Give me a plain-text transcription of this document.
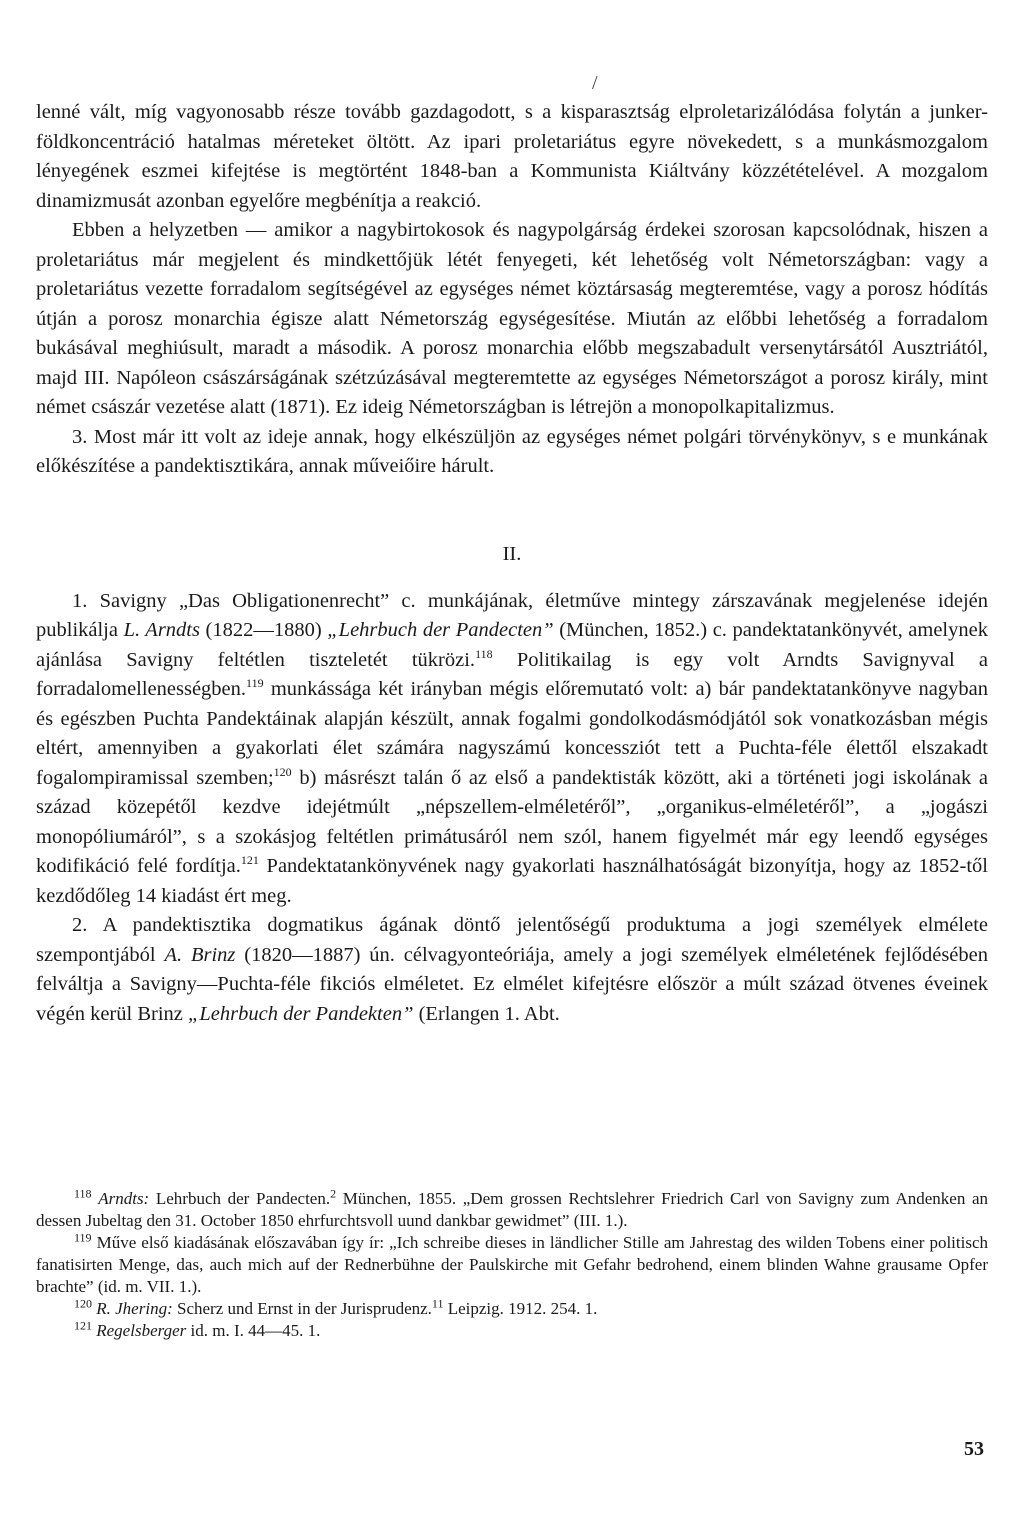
/

lenné vált, míg vagyonosabb része tovább gazdagodott, s a kisparasztság elproletarizálódása folytán a junker-földkoncentráció hatalmas méreteket öltött. Az ipari proletariátus egyre növekedett, s a munkásmozgalom lényegének eszmei kifejtése is megtörtént 1848-ban a Kommunista Kiáltvány közzétételével. A mozgalom dinamizmusát azonban egyelőre megbénítja a reakció.

Ebben a helyzetben — amikor a nagybirtokosok és nagypolgárság érdekei szorosan kapcsolódnak, hiszen a proletariátus már megjelent és mindkettőjük létét fenyegeti, két lehetőség volt Németországban: vagy a proletariátus vezette forradalom segítségével az egységes német köztársaság megteremtése, vagy a porosz hódítás útján a porosz monarchia égisze alatt Németország egységesítése. Miután az előbbi lehetőség a forradalom bukásával meghiúsult, maradt a második. A porosz monarchia előbb megszabadult versenytársától Ausztriától, majd III. Napóleon császárságának szétzúzásával megteremtette az egységes Németországot a porosz király, mint német császár vezetése alatt (1871). Ez ideig Németországban is létrejön a monopolkapitalizmus.

3. Most már itt volt az ideje annak, hogy elkészüljön az egységes német polgári törvénykönyv, s e munkának előkészítése a pandektisztikára, annak műveiőire hárult.

II.

1. Savigny „Das Obligationenrecht” c. munkájának, életműve mintegy zárszavának megjelenése idején publikálja L. Arndts (1822—1880) „Lehrbuch der Pandecten” (München, 1852.) c. pandektatankönyvét, amelynek ajánlása Savigny feltétlen tiszteletét tükrözi.$^{118}$ Politikailag is egy volt Arndts Savignyval a forradalomellenességben.$^{119}$ munkássága két irányban mégis előremutató volt: a) bár pandektatankönyve nagyban és egészben Puchta Pandektáinak alapján készült, annak fogalmi gondolkodásmódjától sok vonatkozásban mégis eltért, amennyiben a gyakorlati élet számára nagyszámú koncessziót tett a Puchta-féle élettől elszakadt fogalompiramissal szemben;$^{120}$ b) másrészt talán ő az első a pandektisták között, aki a történeti jogi iskolának a század közepétől kezdve idejétmúlt „népszellem-elméletéről”, „organikus-elméletéről”, a „jogászi monopóliumáról”, s a szokásjog feltétlen primátusáról nem szól, hanem figyelmét már egy leendő egységes kodifikáció felé fordítja.$^{121}$ Pandektatankönyvének nagy gyakorlati használhatóságát bizonyítja, hogy az 1852-től kezdődőleg 14 kiadást ért meg.

2. A pandektisztika dogmatikus ágának döntő jelentőségű produktuma a jogi személyek elmélete szempontjából A. Brinz (1820—1887) ún. célvagyonteóriája, amely a jogi személyek elméletének fejlődésében felváltja a Savigny—Puchta-féle fikciós elméletet. Ez elmélet kifejtésre először a múlt század ötvenes éveinek végén kerül Brinz „Lehrbuch der Pandekten” (Erlangen 1. Abt.

$^{118}$ Arndts: Lehrbuch der Pandecten.$^2$ München, 1855. „Dem grossen Rechtslehrer Friedrich Carl von Savigny zum Andenken an dessen Jubeltag den 31. October 1850 ehrfurchtsvoll uund dankbar gewidmet” (III. 1.).

$^{119}$ Műve első kiadásának előszavában így ír: „Ich schreibe dieses in ländlicher Stille am Jahrestag des wilden Tobens einer politisch fanatisirten Menge, das, auch mich auf der Rednerbühne der Paulskirche mit Gefahr bedrohend, einem blinden Wahne grausame Opfer brachte” (id. m. VII. 1.).

$^{120}$ R. Jhering: Scherz und Ernst in der Jurisprudenz.$^{11}$ Leipzig. 1912. 254. 1.

$^{121}$ Regelsberger id. m. I. 44—45. 1.

53
